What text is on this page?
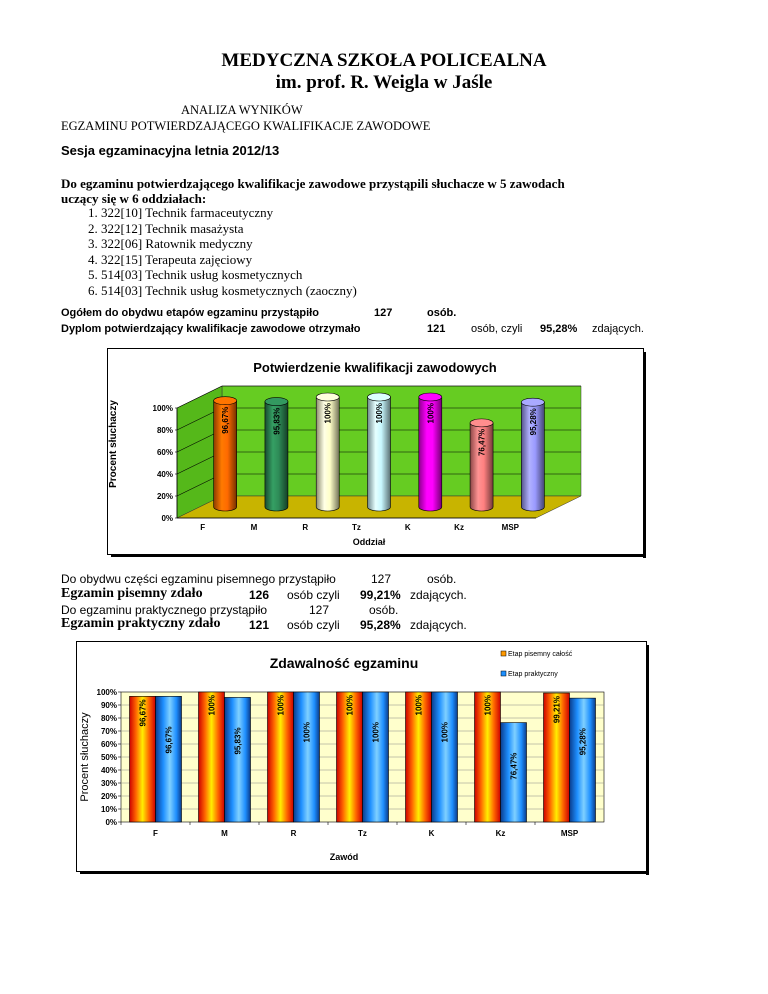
MEDYCZNA SZKOŁA POLICEALNA
im. prof. R. Weigla w Jaśle
ANALIZA WYNIKÓW
EGZAMINU POTWIERDZAJĄCEGO KWALIFIKACJE ZAWODOWE
Sesja egzaminacyjna letnia 2012/13
Do egzaminu potwierdzającego kwalifikacje zawodowe przystąpili słuchacze w 5 zawodach
uczący się w 6 oddziałach:
1. 322[10] Technik farmaceutyczny
2. 322[12] Technik masażysta
3. 322[06] Ratownik medyczny
4. 322[15] Terapeuta zajęciowy
5. 514[03] Technik usług kosmetycznych
6. 514[03] Technik usług kosmetycznych (zaoczny)
Ogółem do obydwu etapów egzaminu przystąpiło	127	osób.
Dyplom potwierdzający kwalifikacje zawodowe otrzymało	121 osób, czyli 95,28% zdających.
Potwierdzenie kwalifikacji zawodowych
0%
20%
40%
60%
80%
100%
F
96,67%
M
95,83%
R
100%
Tz
100%
K
100%
Kz
76,47%
MSP
95,28%
Oddział
Procent słuchaczy
Do obydwu części egzaminu pisemnego przystąpiło	127	osób.
Egzamin pisemny zdało	126 osób czyli 99,21% zdających.
Do egzaminu praktycznego przystąpiło	127	osób.
Egzamin praktyczny zdało 121 osób czyli 95,28% zdających.
Zdawalność egzaminu
Etap pisemny całość
Etap praktyczny
0%
10%
20%
30%
40%
50%
60%
70%
80%
90%
100%
F
96,67%
96,67%
M
100%
95,83%
R
100%
100%
Tz
100%
100%
K
100%
100%
Kz
100%
76,47%
MSP
99,21%
95,28%
Zawód
Procent słuchaczy
